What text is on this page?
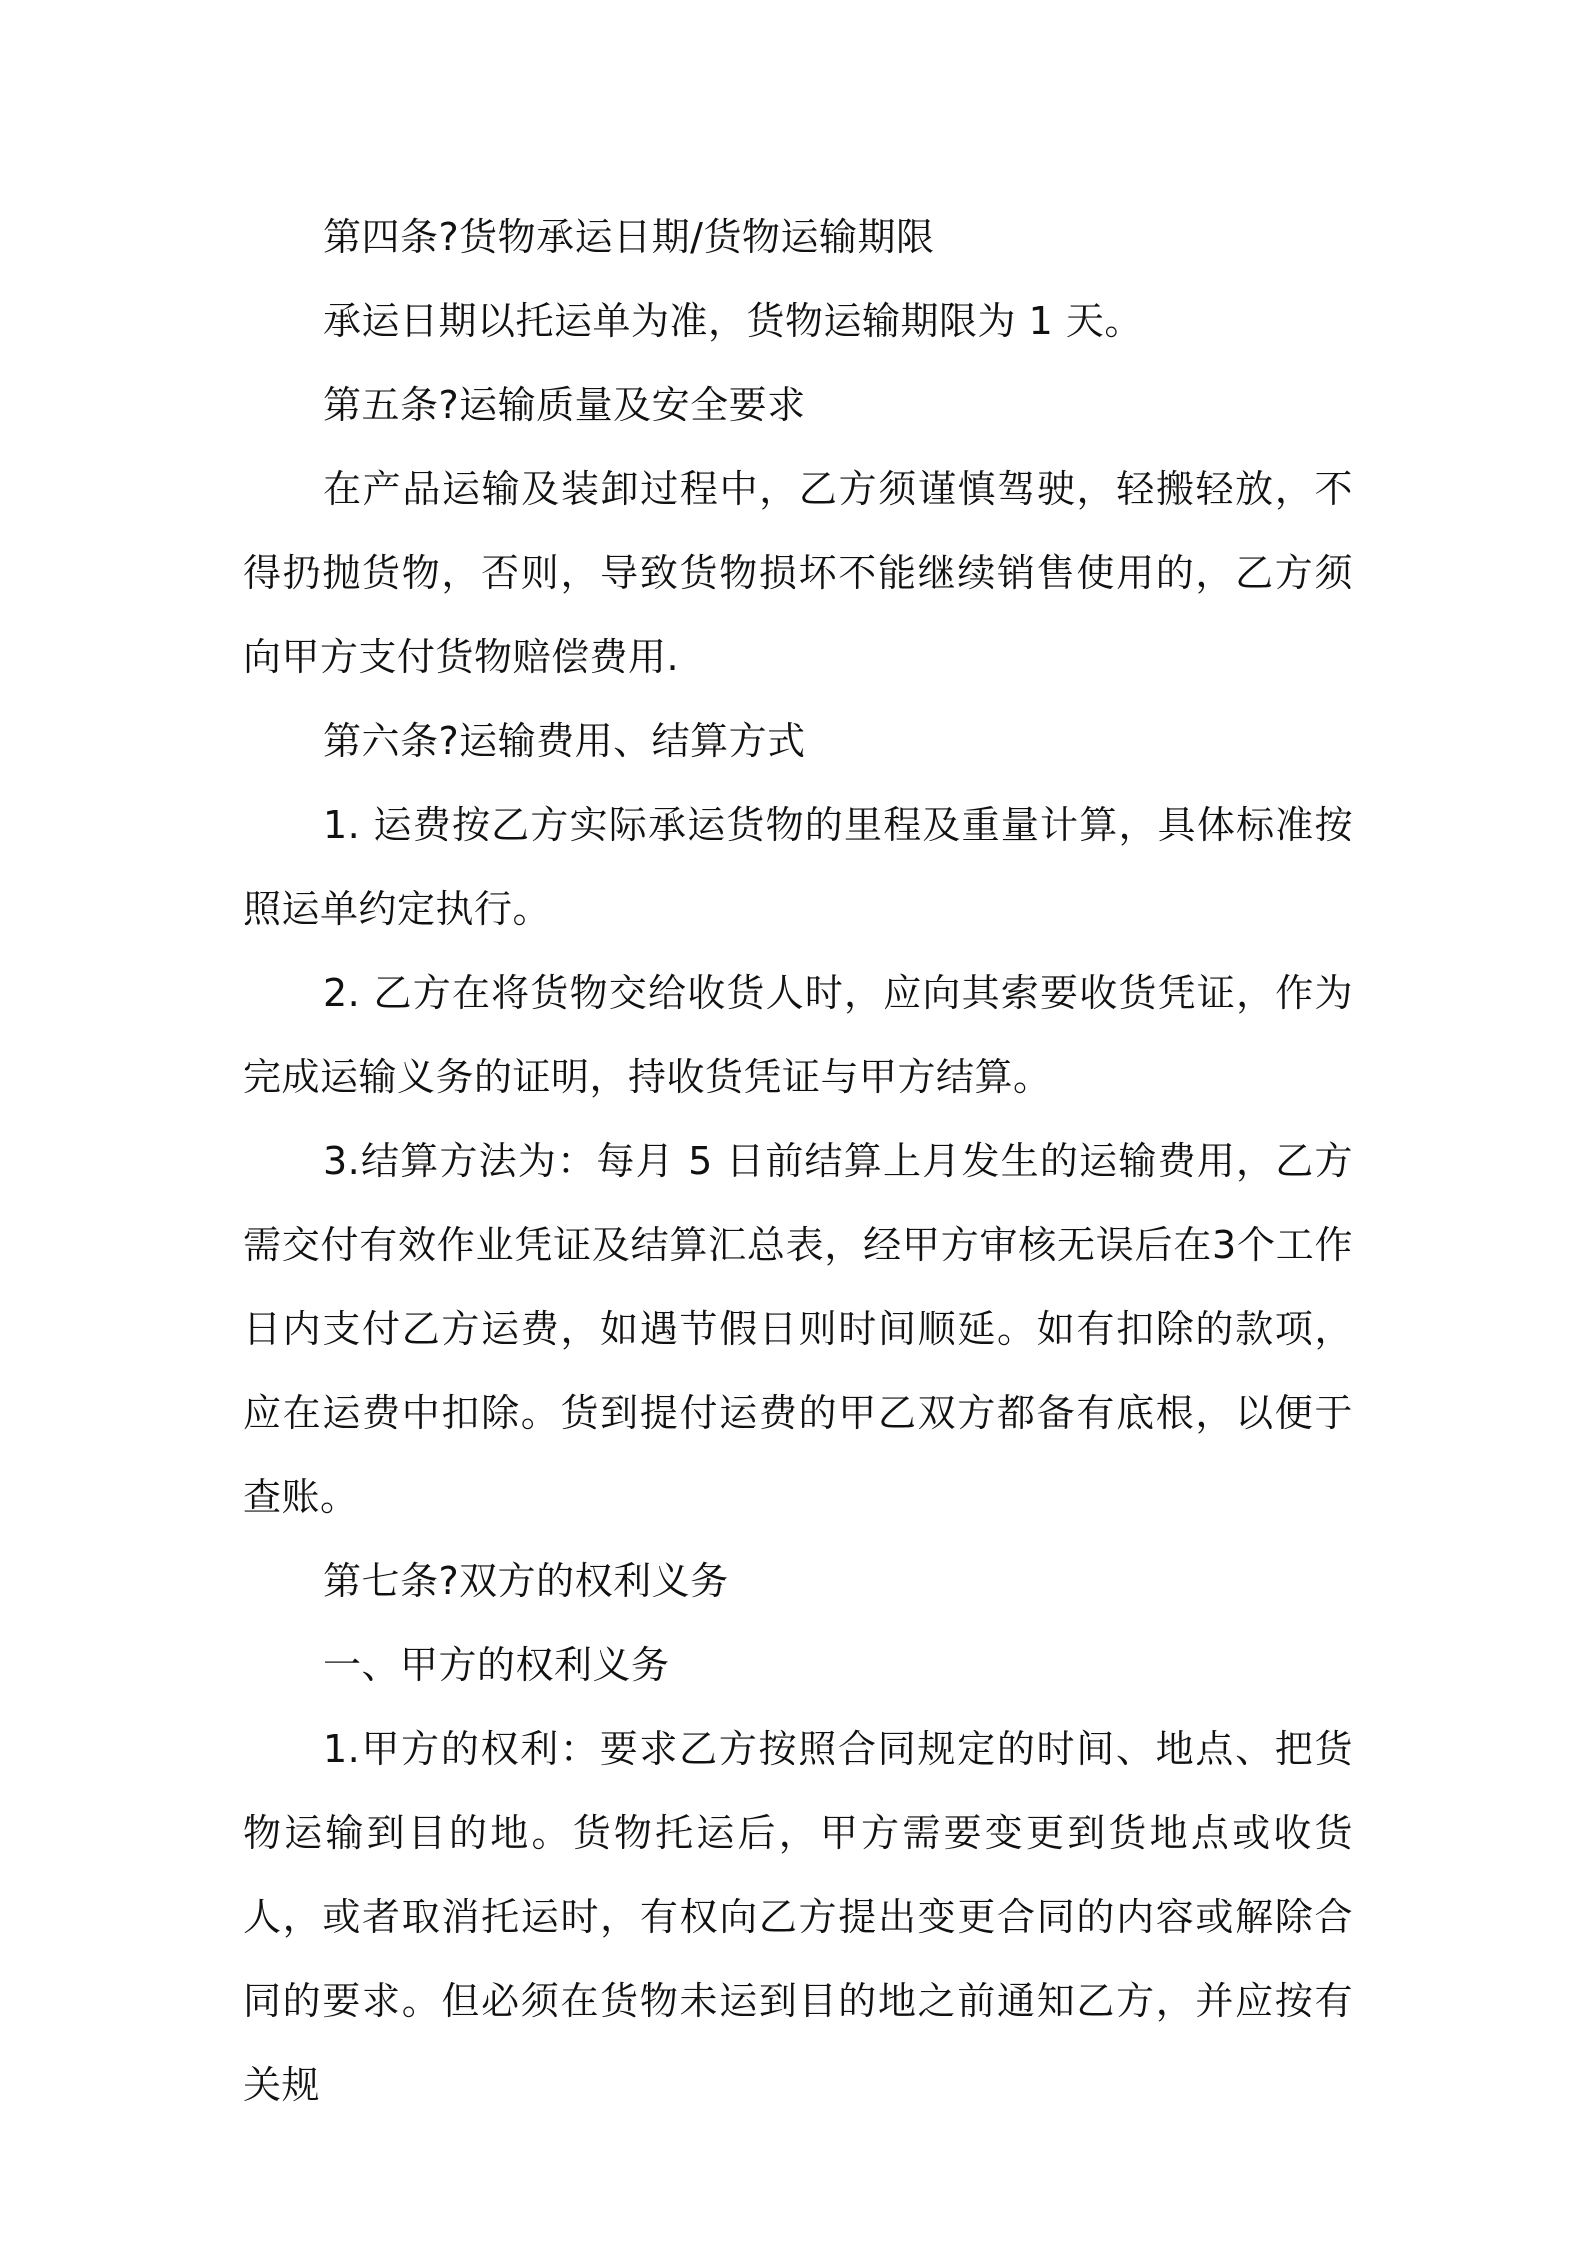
第四条?货物承运日期/货物运输期限

承运日期以托运单为准，货物运输期限为 1 天。

第五条?运输质量及安全要求

在产品运输及装卸过程中，乙方须谨慎驾驶，轻搬轻放，不得扔抛货物，否则，导致货物损坏不能继续销售使用的，乙方须向甲方支付货物赔偿费用.

第六条?运输费用、结算方式

1. 运费按乙方实际承运货物的里程及重量计算，具体标准按照运单约定执行。

2. 乙方在将货物交给收货人时，应向其索要收货凭证，作为完成运输义务的证明，持收货凭证与甲方结算。

3.结算方法为：每月 5 日前结算上月发生的运输费用，乙方需交付有效作业凭证及结算汇总表，经甲方审核无误后在3个工作日内支付乙方运费，如遇节假日则时间顺延。如有扣除的款项，应在运费中扣除。货到提付运费的甲乙双方都备有底根，以便于查账。

第七条?双方的权利义务

一、甲方的权利义务

1.甲方的权利：要求乙方按照合同规定的时间、地点、把货物运输到目的地。货物托运后，甲方需要变更到货地点或收货人，或者取消托运时，有权向乙方提出变更合同的内容或解除合同的要求。但必须在货物未运到目的地之前通知乙方，并应按有关规
